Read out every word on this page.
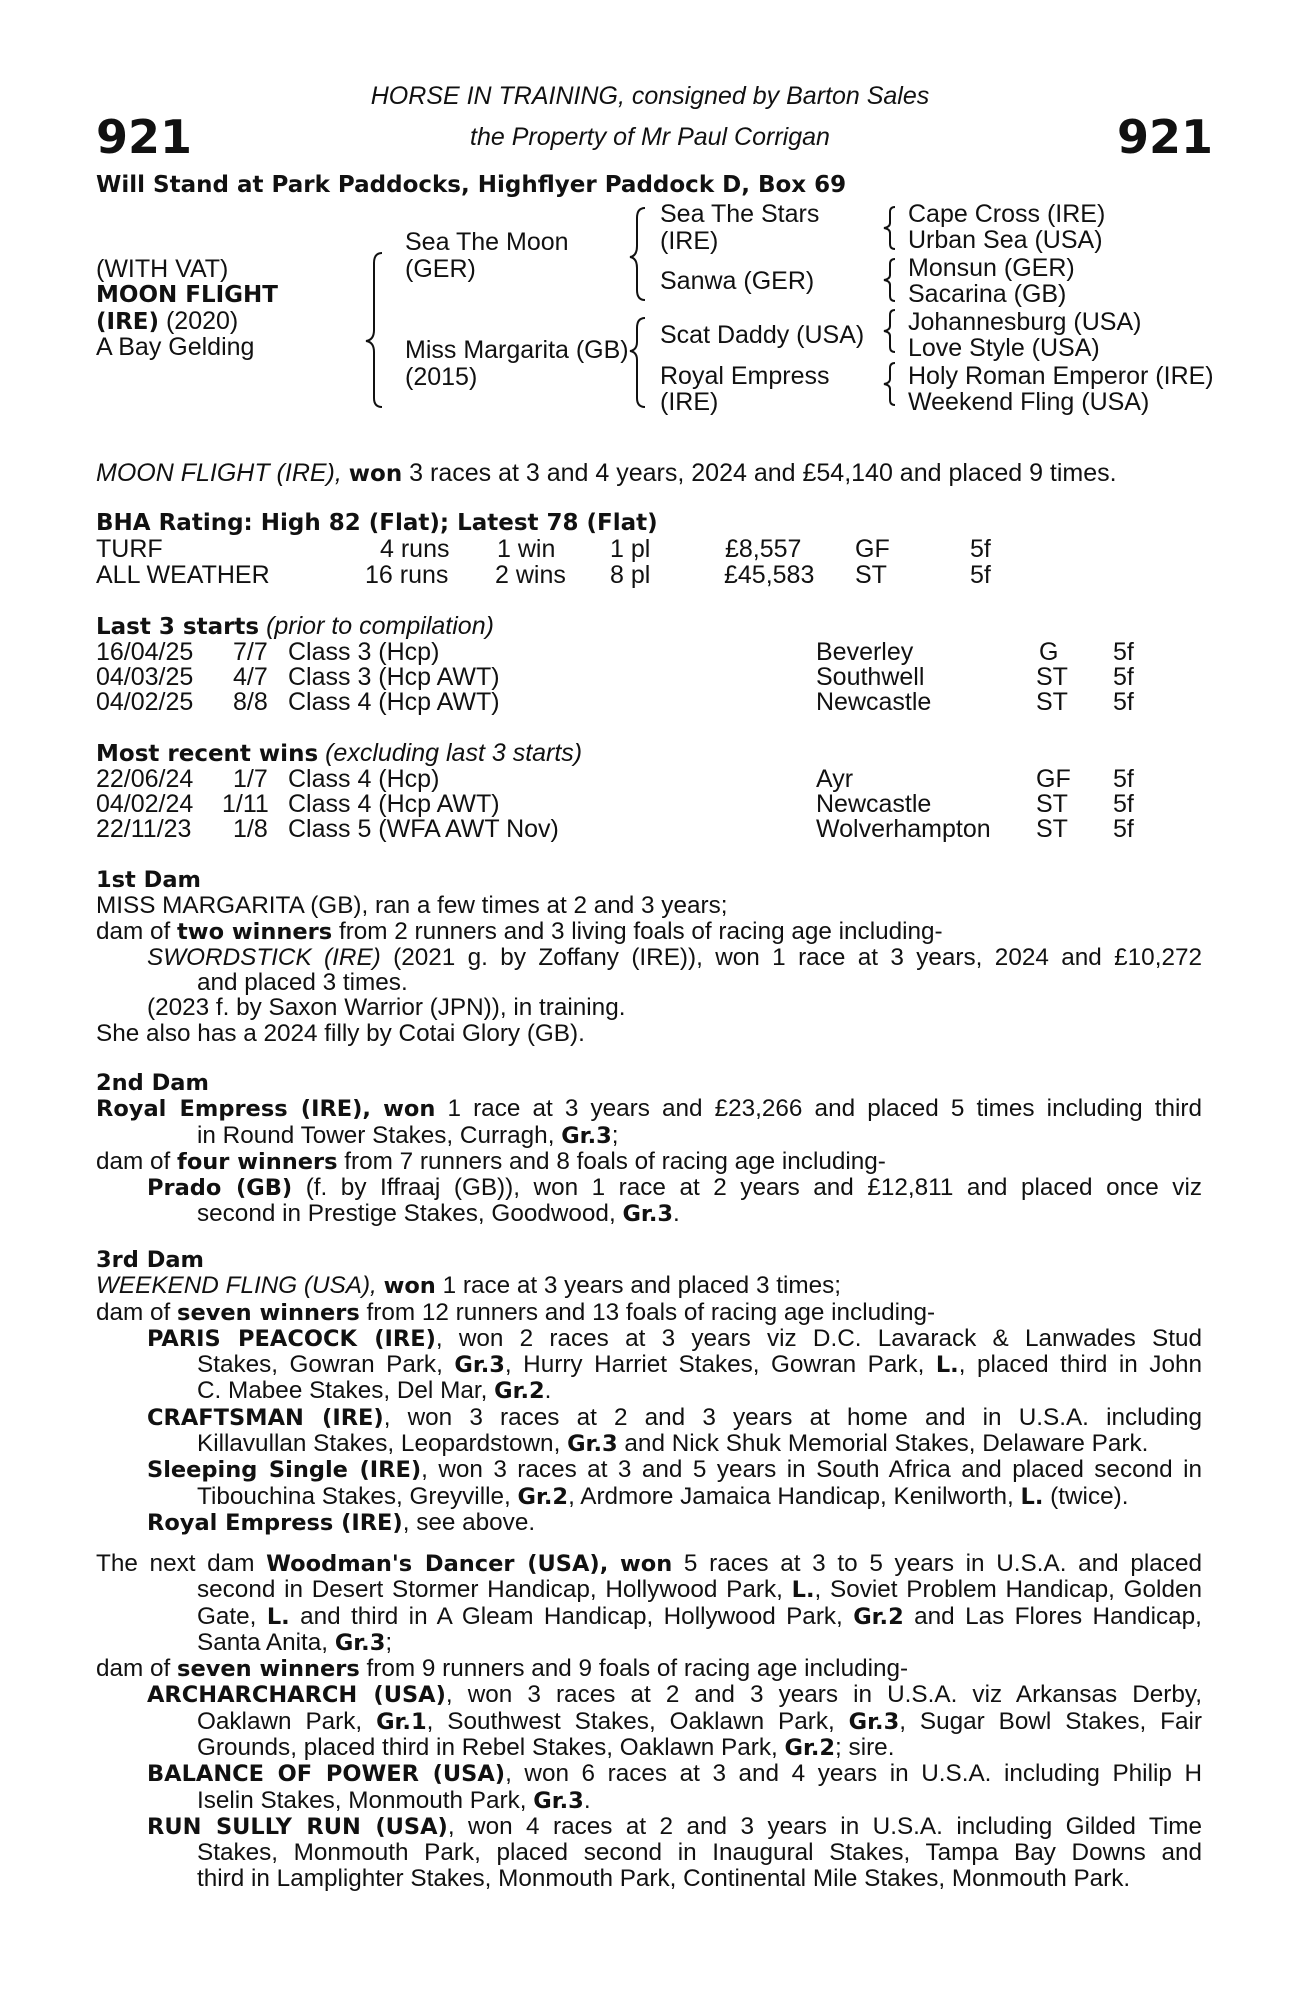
921	921
HORSE IN TRAINING, consigned by Barton Sales
the Property of Mr Paul Corrigan
Will Stand at Park Paddocks, Highflyer Paddock D, Box 69
(WITH VAT)
MOON FLIGHT
(IRE) (2020)
A Bay Gelding
Sea The Moon
(GER)
Miss Margarita (GB)
(2015)
Sea The Stars
(IRE)
Sanwa (GER)
Scat Daddy (USA)
Royal Empress
(IRE)
Cape Cross (IRE)
Urban Sea (USA)
Monsun (GER)
Sacarina (GB)
Johannesburg (USA)
Love Style (USA)
Holy Roman Emperor (IRE)
Weekend Fling (USA)
MOON FLIGHT (IRE), won 3 races at 3 and 4 years, 2024 and £54,140 and placed 9 times.
BHA Rating: High 82 (Flat); Latest 78 (Flat)
TURF	4 runs 1 win 1 pl	£8,557 GF	5f
ALL WEATHER	16 runs 2 wins 8 pl	£45,583 ST	5f
Last 3 starts (prior to compilation)
16/04/25 7/7 Class 3 (Hcp)	Beverley	G 5f
04/03/25 4/7 Class 3 (Hcp AWT)	Southwell	ST 5f
04/02/25 8/8 Class 4 (Hcp AWT)	Newcastle	ST 5f
Most recent wins (excluding last 3 starts)
22/06/24 1/7 Class 4 (Hcp)	Ayr	GF 5f
04/02/24 1/11 Class 4 (Hcp AWT)	Newcastle	ST 5f
22/11/23 1/8 Class 5 (WFA AWT Nov)	Wolverhampton ST 5f
1st Dam
MISS MARGARITA (GB), ran a few times at 2 and 3 years;
dam of two winners from 2 runners and 3 living foals of racing age including-
SWORDSTICK (IRE) (2021 g. by Zoffany (IRE)), won 1 race at 3 years, 2024 and £10,272
and placed 3 times.
(2023 f. by Saxon Warrior (JPN)), in training.
She also has a 2024 filly by Cotai Glory (GB).
2nd Dam
Royal Empress (IRE), won 1 race at 3 years and £23,266 and placed 5 times including third
in Round Tower Stakes, Curragh, Gr.3;
dam of four winners from 7 runners and 8 foals of racing age including-
Prado (GB) (f. by Iffraaj (GB)), won 1 race at 2 years and £12,811 and placed once viz
second in Prestige Stakes, Goodwood, Gr.3.
3rd Dam
WEEKEND FLING (USA), won 1 race at 3 years and placed 3 times;
dam of seven winners from 12 runners and 13 foals of racing age including-
PARIS PEACOCK (IRE), won 2 races at 3 years viz D.C. Lavarack & Lanwades Stud
Stakes, Gowran Park, Gr.3, Hurry Harriet Stakes, Gowran Park, L., placed third in John
C. Mabee Stakes, Del Mar, Gr.2.
CRAFTSMAN (IRE), won 3 races at 2 and 3 years at home and in U.S.A. including
Killavullan Stakes, Leopardstown, Gr.3 and Nick Shuk Memorial Stakes, Delaware Park.
Sleeping Single (IRE), won 3 races at 3 and 5 years in South Africa and placed second in
Tibouchina Stakes, Greyville, Gr.2, Ardmore Jamaica Handicap, Kenilworth, L. (twice).
Royal Empress (IRE), see above.
The next dam Woodman's Dancer (USA), won 5 races at 3 to 5 years in U.S.A. and placed
second in Desert Stormer Handicap, Hollywood Park, L., Soviet Problem Handicap, Golden
Gate, L. and third in A Gleam Handicap, Hollywood Park, Gr.2 and Las Flores Handicap,
Santa Anita, Gr.3;
dam of seven winners from 9 runners and 9 foals of racing age including-
ARCHARCHARCH (USA), won 3 races at 2 and 3 years in U.S.A. viz Arkansas Derby,
Oaklawn Park, Gr.1, Southwest Stakes, Oaklawn Park, Gr.3, Sugar Bowl Stakes, Fair
Grounds, placed third in Rebel Stakes, Oaklawn Park, Gr.2; sire.
BALANCE OF POWER (USA), won 6 races at 3 and 4 years in U.S.A. including Philip H
Iselin Stakes, Monmouth Park, Gr.3.
RUN SULLY RUN (USA), won 4 races at 2 and 3 years in U.S.A. including Gilded Time
Stakes, Monmouth Park, placed second in Inaugural Stakes, Tampa Bay Downs and
third in Lamplighter Stakes, Monmouth Park, Continental Mile Stakes, Monmouth Park.
